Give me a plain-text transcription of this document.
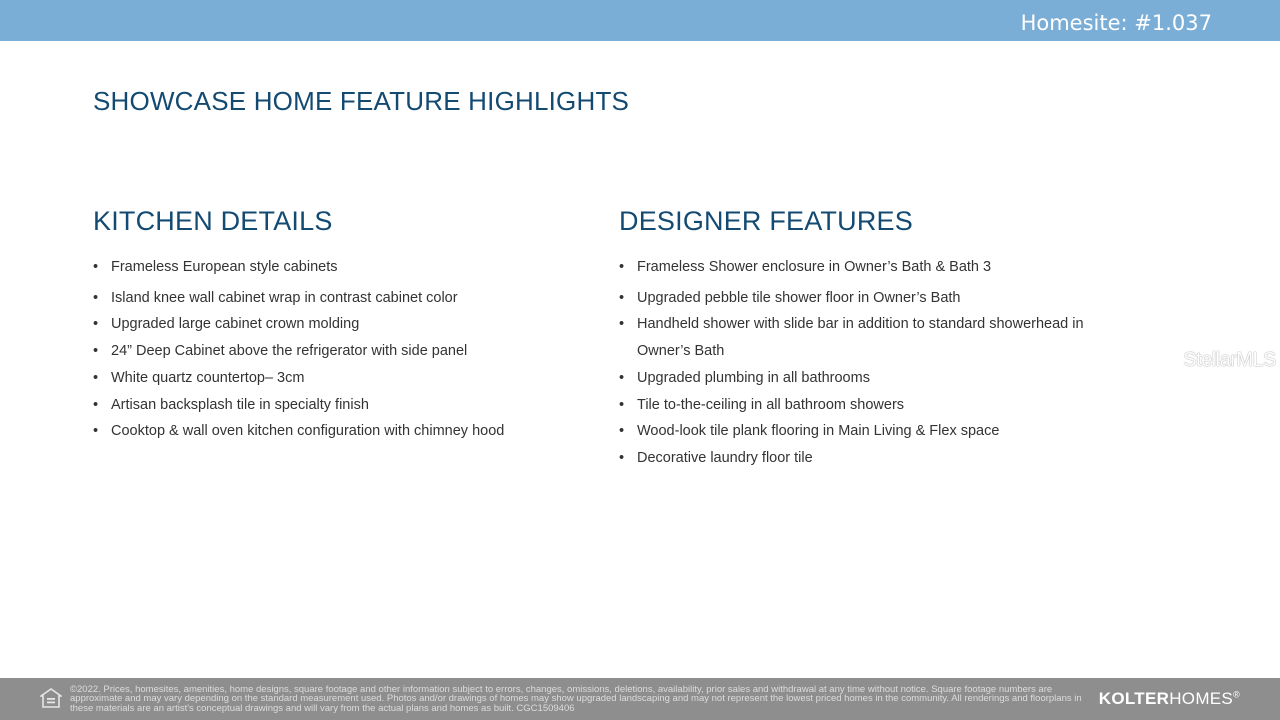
Homesite: #1.037
SHOWCASE HOME FEATURE HIGHLIGHTS
KITCHEN DETAILS
• Frameless European style cabinets
• Island knee wall cabinet wrap in contrast cabinet color
• Upgraded large cabinet crown molding
• 24” Deep Cabinet above the refrigerator with side panel
• White quartz countertop– 3cm
• Artisan backsplash tile in specialty finish
• Cooktop & wall oven kitchen configuration with chimney hood
DESIGNER FEATURES
• Frameless Shower enclosure in Owner’s Bath & Bath 3
• Upgraded pebble tile shower floor in Owner’s Bath
• Handheld shower with slide bar in addition to standard showerhead in Owner’s Bath
• Upgraded plumbing in all bathrooms
• Tile to-the-ceiling in all bathroom showers
• Wood-look tile plank flooring in Main Living & Flex space
• Decorative laundry floor tile
StellarMLS
©2022. Prices, homesites, amenities, home designs, square footage and other information subject to errors, changes, omissions, deletions, availability, prior sales and withdrawal at any time without notice. Square footage numbers are approximate and may vary depending on the standard measurement used. Photos and/or drawings of homes may show upgraded landscaping and may not represent the lowest priced homes in the community. All renderings and floorplans in these materials are an artist's conceptual drawings and will vary from the actual plans and homes as built. CGC1509406
KOLTERHOMES®
